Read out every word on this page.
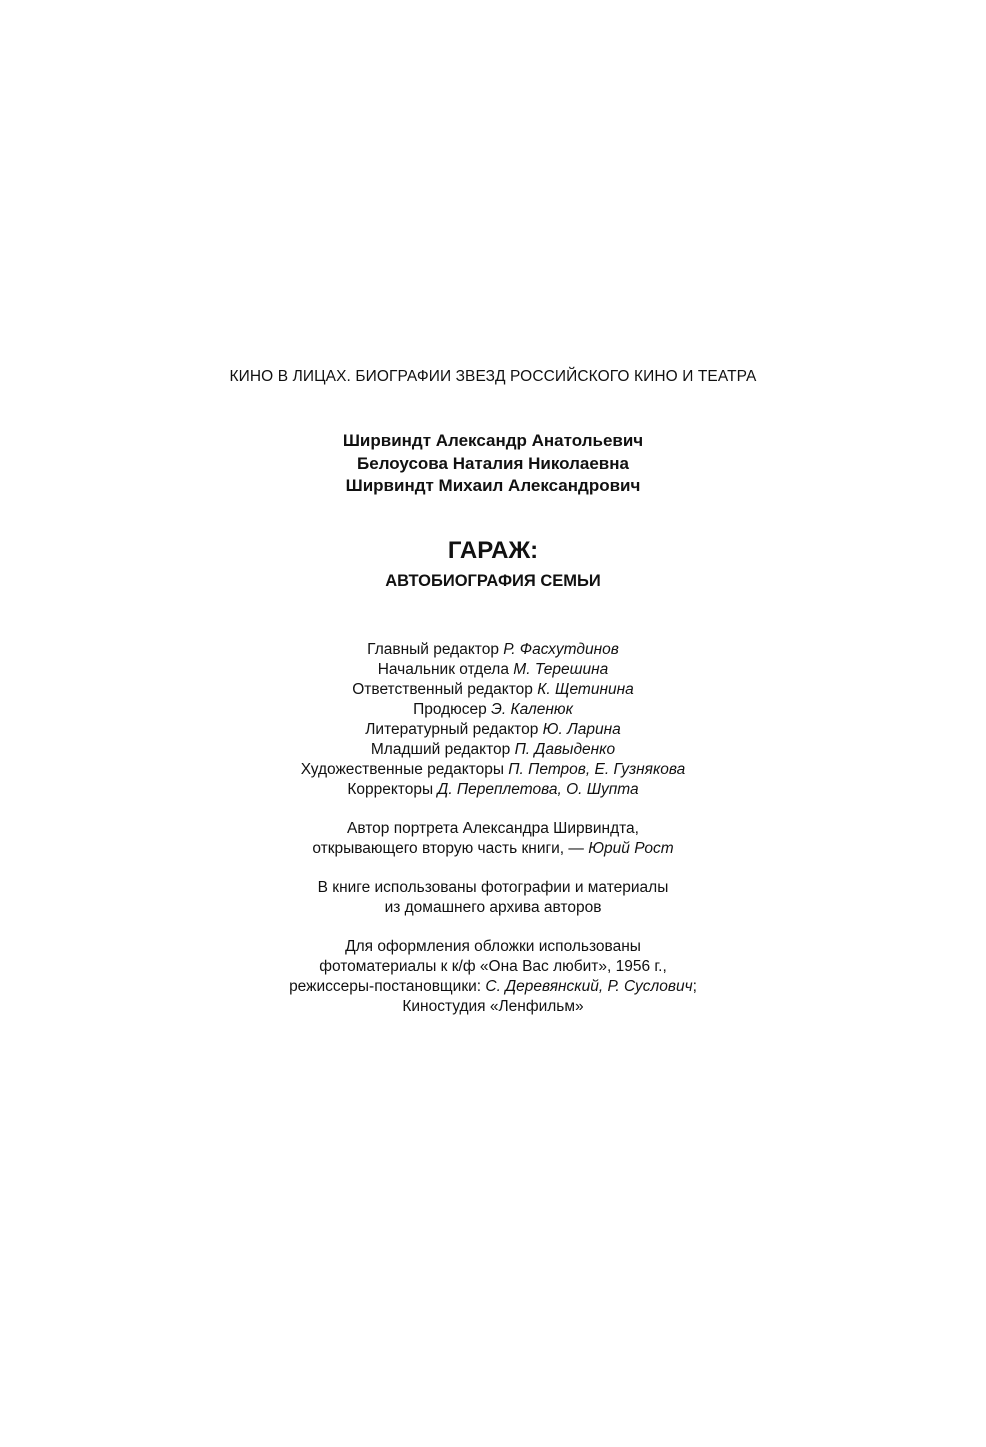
КИНО В ЛИЦАХ. БИОГРАФИИ ЗВЕЗД РОССИЙСКОГО КИНО И ТЕАТРА
Ширвиндт Александр Анатольевич
Белоусова Наталия Николаевна
Ширвиндт Михаил Александрович
ГАРАЖ:
АВТОБИОГРАФИЯ СЕМЬИ
Главный редактор Р. Фасхутдинов
Начальник отдела М. Терешина
Ответственный редактор К. Щетинина
Продюсер Э. Каленюк
Литературный редактор Ю. Ларина
Младший редактор П. Давыденко
Художественные редакторы П. Петров, Е. Гузнякова
Корректоры Д. Переплетова, О. Шупта
Автор портрета Александра Ширвиндта,
открывающего вторую часть книги, — Юрий Рост
В книге использованы фотографии и материалы
из домашнего архива авторов
Для оформления обложки использованы
фотоматериалы к к/ф «Она Вас любит», 1956 г.,
режиссеры-постановщики: С. Деревянский, Р. Суслович;
Киностудия «Ленфильм»
